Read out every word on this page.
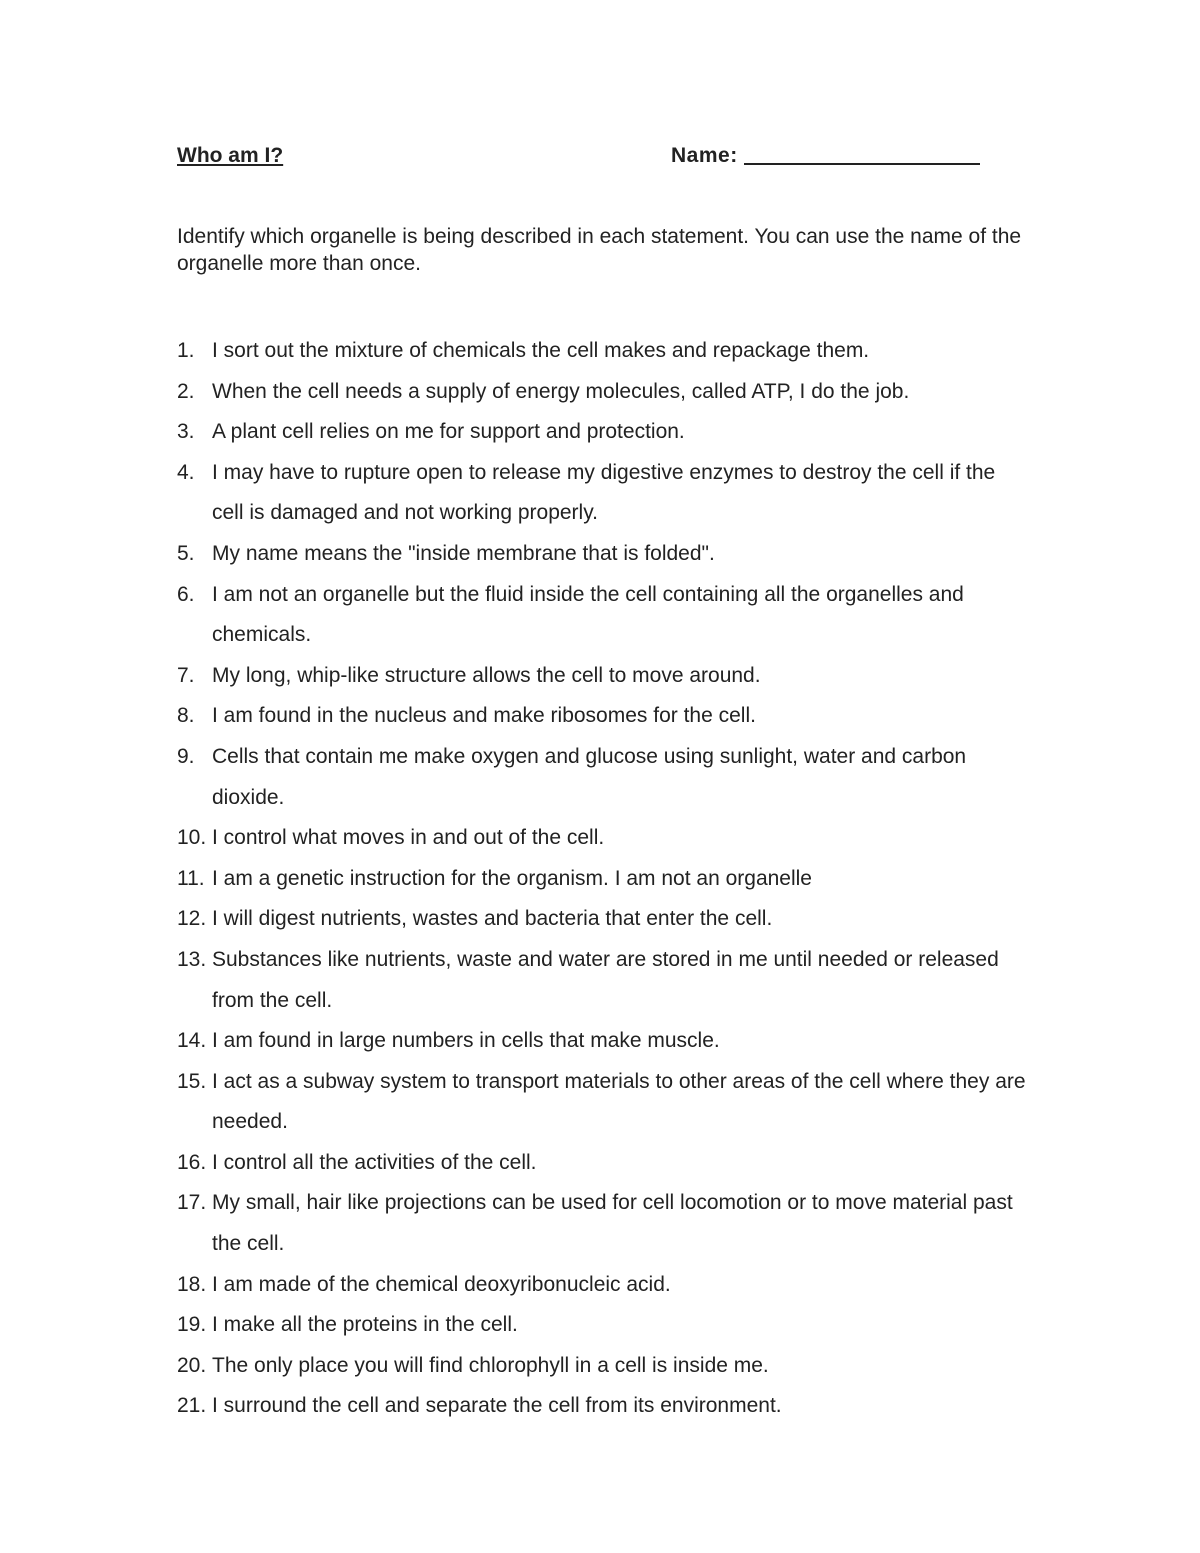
Who am I?	Name:
Identify which organelle is being described in each statement. You can use the name of the organelle more than once.
1. I sort out the mixture of chemicals the cell makes and repackage them.
2. When the cell needs a supply of energy molecules, called ATP, I do the job.
3. A plant cell relies on me for support and protection.
4. I may have to rupture open to release my digestive enzymes to destroy the cell if the cell is damaged and not working properly.
5. My name means the "inside membrane that is folded".
6. I am not an organelle but the fluid inside the cell containing all the organelles and chemicals.
7. My long, whip-like structure allows the cell to move around.
8. I am found in the nucleus and make ribosomes for the cell.
9. Cells that contain me make oxygen and glucose using sunlight, water and carbon dioxide.
10. I control what moves in and out of the cell.
11. I am a genetic instruction for the organism. I am not an organelle
12. I will digest nutrients, wastes and bacteria that enter the cell.
13. Substances like nutrients, waste and water are stored in me until needed or released from the cell.
14. I am found in large numbers in cells that make muscle.
15. I act as a subway system to transport materials to other areas of the cell where they are needed.
16. I control all the activities of the cell.
17. My small, hair like projections can be used for cell locomotion or to move material past the cell.
18. I am made of the chemical deoxyribonucleic acid.
19. I make all the proteins in the cell.
20. The only place you will find chlorophyll in a cell is inside me.
21. I surround the cell and separate the cell from its environment.
